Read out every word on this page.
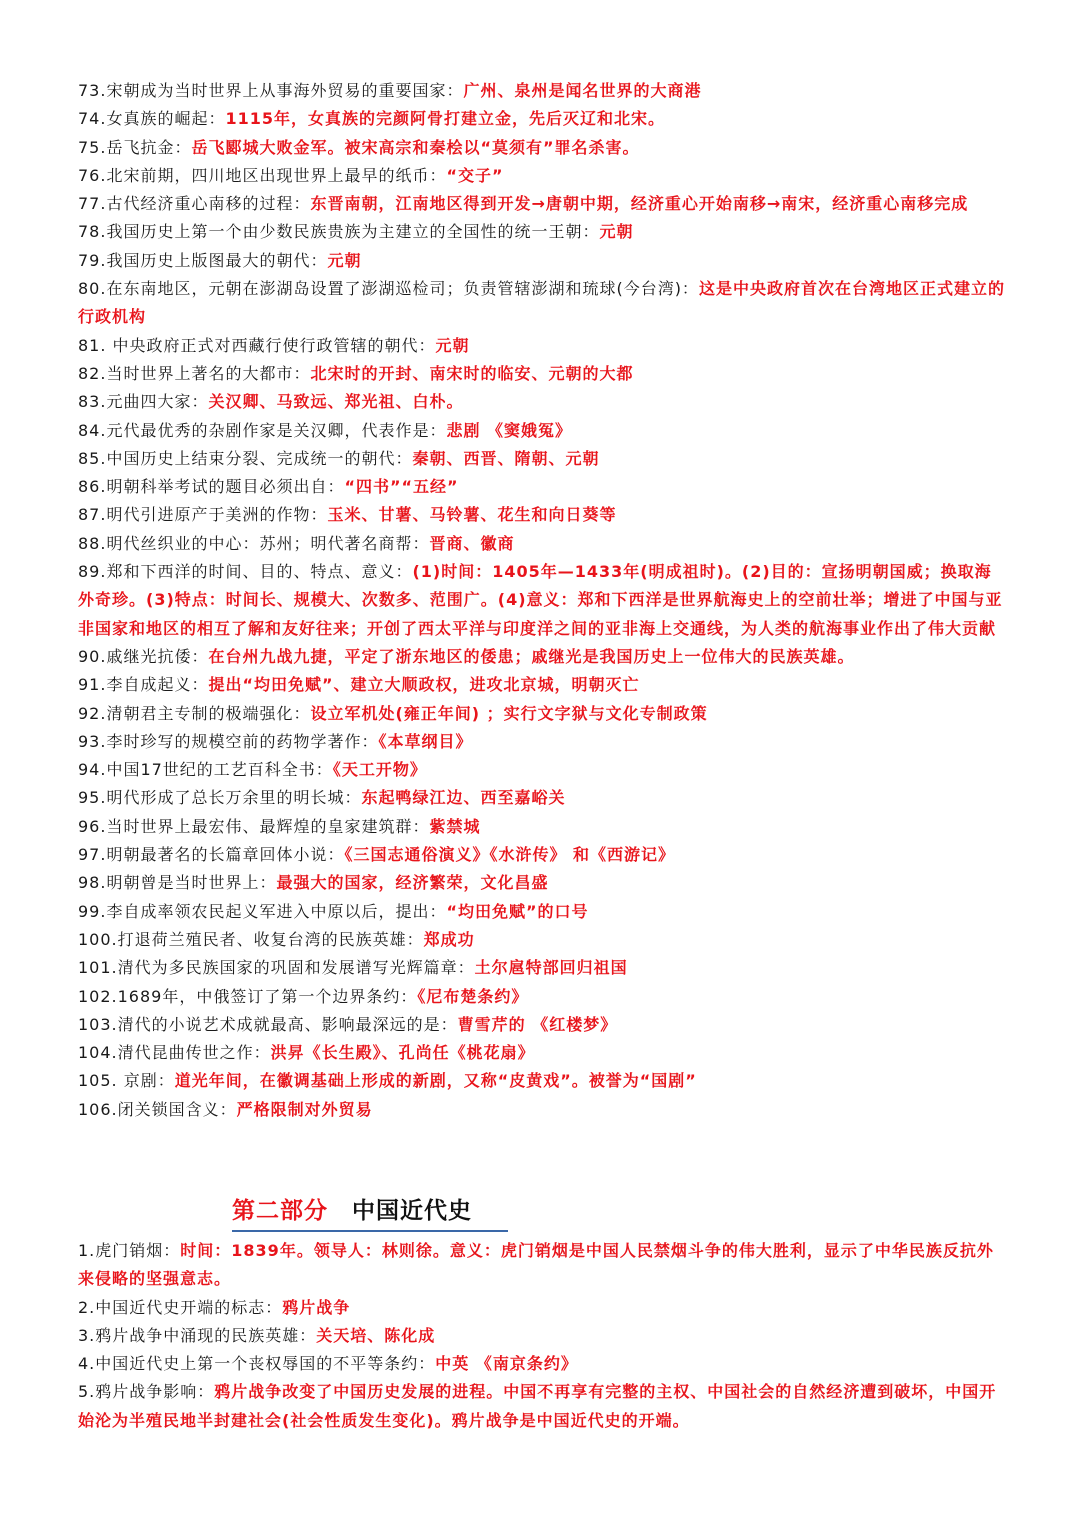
73.宋朝成为当时世界上从事海外贸易的重要国家：广州、泉州是闻名世界的大商港
74.女真族的崛起：1115年，女真族的完颜阿骨打建立金，先后灭辽和北宋。
75.岳飞抗金：岳飞郾城大败金军。被宋高宗和秦桧以“莫须有”罪名杀害。
76.北宋前期，四川地区出现世界上最早的纸币：“交子”
77.古代经济重心南移的过程：东晋南朝，江南地区得到开发→唐朝中期，经济重心开始南移→南宋，经济重心南移完成
78.我国历史上第一个由少数民族贵族为主建立的全国性的统一王朝：元朝
79.我国历史上版图最大的朝代：元朝
80.在东南地区，元朝在澎湖岛设置了澎湖巡检司；负责管辖澎湖和琉球(今台湾)：这是中央政府首次在台湾地区正式建立的行政机构
81. 中央政府正式对西藏行使行政管辖的朝代：元朝
82.当时世界上著名的大都市：北宋时的开封、南宋时的临安、元朝的大都
83.元曲四大家：关汉卿、马致远、郑光祖、白朴。
84.元代最优秀的杂剧作家是关汉卿，代表作是：悲剧 《窦娥冤》
85.中国历史上结束分裂、完成统一的朝代：秦朝、西晋、隋朝、元朝
86.明朝科举考试的题目必须出自：“四书”“五经”
87.明代引进原产于美洲的作物：玉米、甘薯、马铃薯、花生和向日葵等
88.明代丝织业的中心：苏州；明代著名商帮：晋商、徽商
89.郑和下西洋的时间、目的、特点、意义：(1)时间：1405年—1433年(明成祖时)。(2)目的：宣扬明朝国威；换取海外奇珍。(3)特点：时间长、规模大、次数多、范围广。(4)意义：郑和下西洋是世界航海史上的空前壮举；增进了中国与亚非国家和地区的相互了解和友好往来；开创了西太平洋与印度洋之间的亚非海上交通线，为人类的航海事业作出了伟大贡献
90.戚继光抗倭：在台州九战九捷，平定了浙东地区的倭患；戚继光是我国历史上一位伟大的民族英雄。
91.李自成起义：提出“均田免赋”、建立大顺政权，进攻北京城，明朝灭亡
92.清朝君主专制的极端强化：设立军机处(雍正年间) ；实行文字狱与文化专制政策
93.李时珍写的规模空前的药物学著作：《本草纲目》
94.中国17世纪的工艺百科全书：《天工开物》
95.明代形成了总长万余里的明长城：东起鸭绿江边、西至嘉峪关
96.当时世界上最宏伟、最辉煌的皇家建筑群：紫禁城
97.明朝最著名的长篇章回体小说：《三国志通俗演义》《水浒传》 和《西游记》
98.明朝曾是当时世界上：最强大的国家，经济繁荣，文化昌盛
99.李自成率领农民起义军进入中原以后，提出：“均田免赋”的口号
100.打退荷兰殖民者、收复台湾的民族英雄：郑成功
101.清代为多民族国家的巩固和发展谱写光辉篇章：土尔扈特部回归祖国
102.1689年，中俄签订了第一个边界条约：《尼布楚条约》
103.清代的小说艺术成就最高、影响最深远的是：曹雪芹的 《红楼梦》
104.清代昆曲传世之作：洪昇《长生殿》、孔尚任《桃花扇》
105. 京剧：道光年间，在徽调基础上形成的新剧，又称“皮黄戏”。被誉为“国剧”
106.闭关锁国含义：严格限制对外贸易
第二部分 中国近代史
1.虎门销烟：时间：1839年。领导人：林则徐。意义：虎门销烟是中国人民禁烟斗争的伟大胜利，显示了中华民族反抗外来侵略的坚强意志。
2.中国近代史开端的标志：鸦片战争
3.鸦片战争中涌现的民族英雄：关天培、陈化成
4.中国近代史上第一个丧权辱国的不平等条约：中英 《南京条约》
5.鸦片战争影响：鸦片战争改变了中国历史发展的进程。中国不再享有完整的主权、中国社会的自然经济遭到破坏，中国开始沦为半殖民地半封建社会(社会性质发生变化)。鸦片战争是中国近代史的开端。
